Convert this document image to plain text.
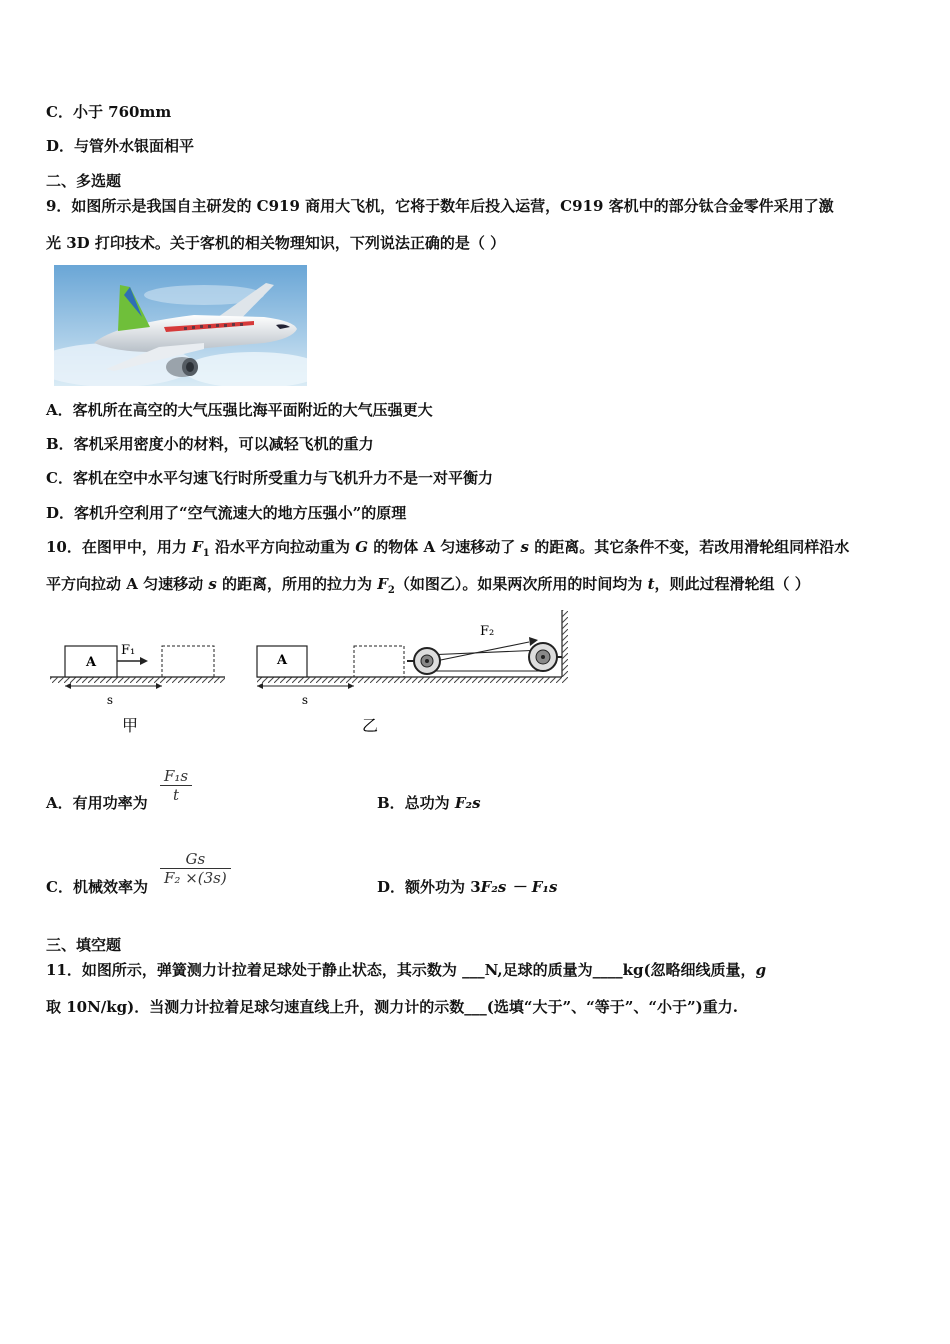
C．小于 760mm
D．与管外水银面相平
二、多选题
9．如图所示是我国自主研发的 C919 商用大飞机，它将于数年后投入运营，C919 客机中的部分钛合金零件采用了激
光 3D 打印技术。关于客机的相关物理知识，下列说法正确的是（ ）
A．客机所在高空的大气压强比海平面附近的大气压强更大
B．客机采用密度小的材料，可以减轻飞机的重力
C．客机在空中水平匀速飞行时所受重力与飞机升力不是一对平衡力
D．客机升空利用了“空气流速大的地方压强小”的原理
10．在图甲中，用力 $F_1$ 沿水平方向拉动重为 G 的物体 A 匀速移动了 s 的距离。其它条件不变，若改用滑轮组同样沿水
平方向拉动 A 匀速移动 s 的距离，所用的拉力为 $F_2$（如图乙）。如果两次所用的时间均为 t，则此过程滑轮组（ ）
A
F₁
s
甲
A
F₂
s
乙
A．有用功率为
F₁s
t	B．总功为 F₂s
C．机械效率为
Gs
F₂ ×(3s)	D．额外功为 3F₂s － F₁s
三、填空题
11．如图所示，弹簧测力计拉着足球处于静止状态，其示数为 ___N,足球的质量为____kg(忽略细线质量，g
取 10N/kg)．当测力计拉着足球匀速直线上升，测力计的示数___(选填“大于”、“等于”、“小于”)重力.
